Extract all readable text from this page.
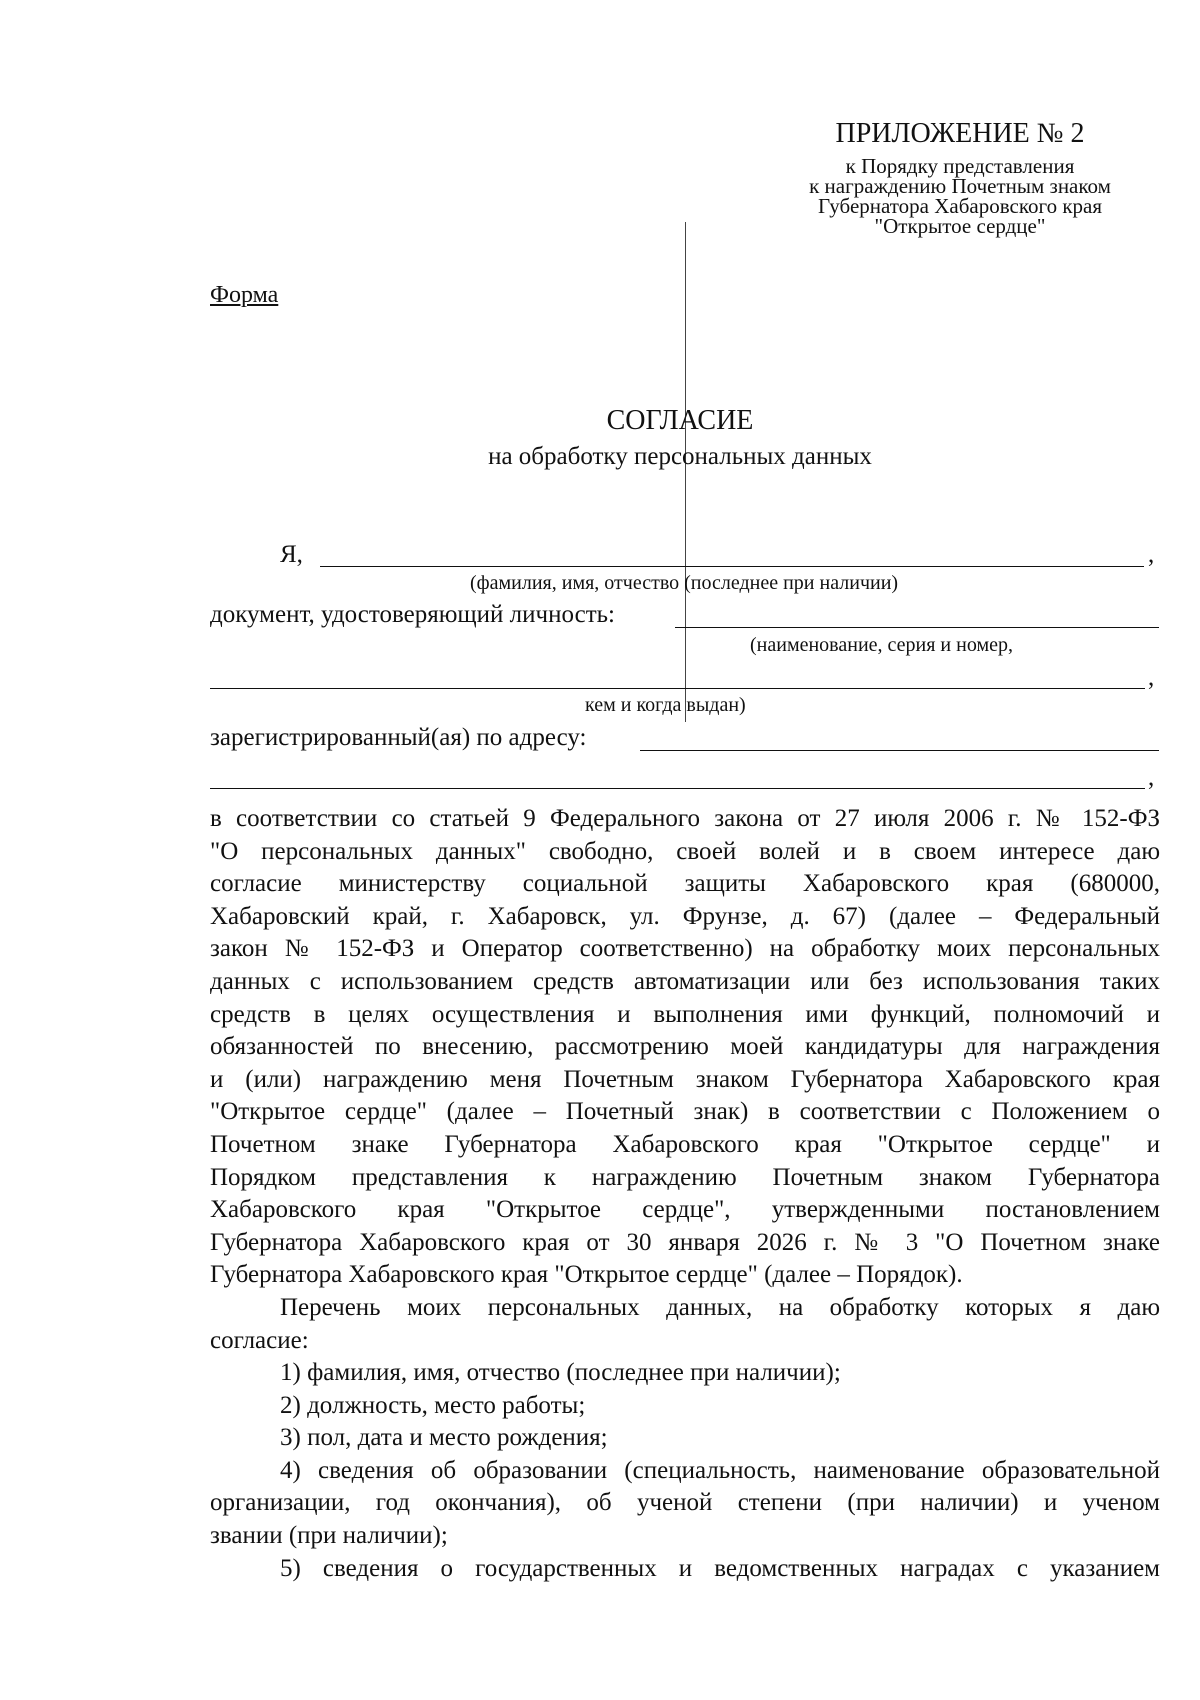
ПРИЛОЖЕНИЕ № 2
к Порядку представления
к награждению Почетным знаком
Губернатора Хабаровского края
"Открытое сердце"
Форма
СОГЛАСИЕ
на обработку персональных данных
Я,	,
(фамилия, имя, отчество (последнее при наличии)
документ, удостоверяющий личность:
(наименование, серия и номер,
,
кем и когда выдан)
зарегистрированный(ая) по адресу:
,
в соответствии со статьей 9 Федерального закона от 27 июля 2006 г. № 152-ФЗ
"О персональных данных" свободно, своей волей и в своем интересе даю
согласие министерству социальной защиты Хабаровского края (680000,
Хабаровский край, г. Хабаровск, ул. Фрунзе, д. 67) (далее – Федеральный
закон № 152-ФЗ и Оператор соответственно) на обработку моих персональных
данных с использованием средств автоматизации или без использования таких
средств в целях осуществления и выполнения ими функций, полномочий и
обязанностей по внесению, рассмотрению моей кандидатуры для награждения
и (или) награждению меня Почетным знаком Губернатора Хабаровского края
"Открытое сердце" (далее – Почетный знак) в соответствии с Положением о
Почетном знаке Губернатора Хабаровского края "Открытое сердце" и
Порядком представления к награждению Почетным знаком Губернатора
Хабаровского края "Открытое сердце", утвержденными постановлением
Губернатора Хабаровского края от 30 января 2026 г. № 3 "О Почетном знаке
Губернатора Хабаровского края "Открытое сердце" (далее – Порядок).
Перечень моих персональных данных, на обработку которых я даю
согласие:
1) фамилия, имя, отчество (последнее при наличии);
2) должность, место работы;
3) пол, дата и место рождения;
4) сведения об образовании (специальность, наименование образовательной
организации, год окончания), об ученой степени (при наличии) и ученом
звании (при наличии);
5) сведения о государственных и ведомственных наградах с указанием
